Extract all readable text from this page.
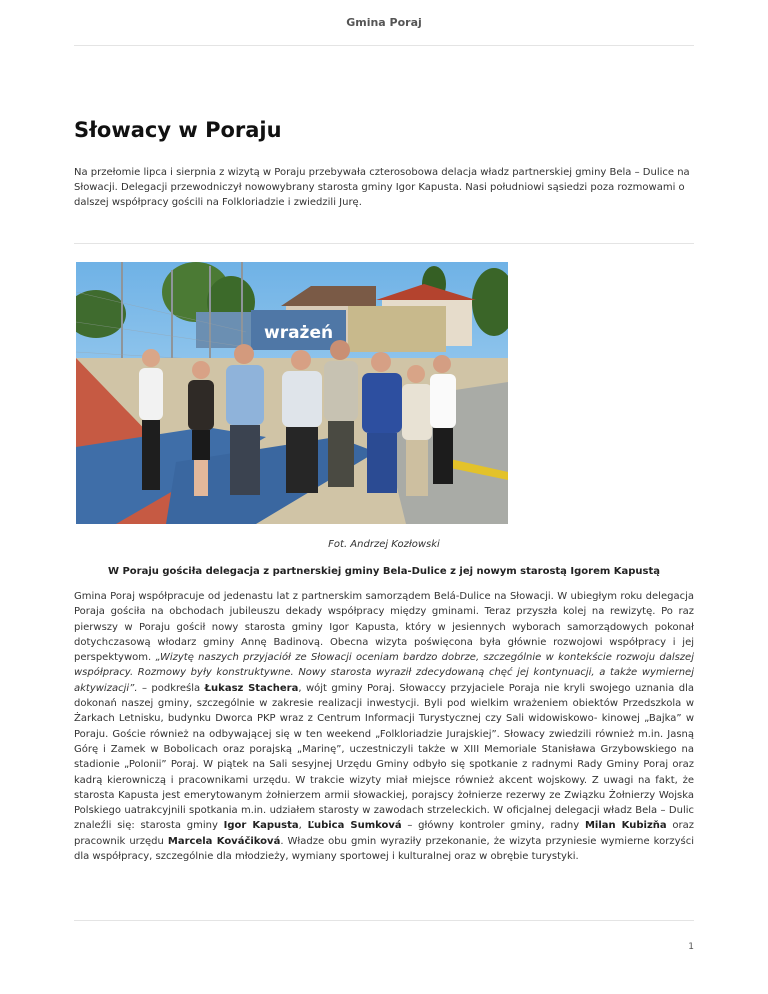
Gmina Poraj
Słowacy w Poraju

Na przełomie lipca i sierpnia z wizytą w Poraju przebywała czterosobowa delacja władz partnerskiej gminy Bela – Dulice na Słowacji. Delegacji przewodniczył nowowybrany starosta gminy Igor Kapusta. Nasi południowi sąsiedzi poza rozmowami o dalszej współpracy gościli na Folkloriadzie i zwiedzili Jurę.

wrażeń
Fot. Andrzej Kozłowski

W Poraju gościła delegacja z partnerskiej gminy Bela-Dulice z jej nowym starostą Igorem Kapustą

Gmina Poraj współpracuje od jedenastu lat z partnerskim samorządem Belá-Dulice na Słowacji. W ubiegłym roku delegacja Poraja gościła na obchodach jubileuszu dekady współpracy między gminami. Teraz przyszła kolej na rewizytę. Po raz pierwszy w Poraju gościł nowy starosta gminy Igor Kapusta, który w jesiennych wyborach samorządowych pokonał dotychczasową włodarz gminy Annę Badinovą. Obecna wizyta poświęcona była głównie rozwojowi współpracy i jej perspektywom. „Wizytę naszych przyjaciół ze Słowacji oceniam bardzo dobrze, szczególnie w kontekście rozwoju dalszej współpracy. Rozmowy były konstruktywne. Nowy starosta wyraził zdecydowaną chęć jej kontynuacji, a także wymiernej aktywizacji”. – podkreśla Łukasz Stachera, wójt gminy Poraj. Słowaccy przyjaciele Poraja nie kryli swojego uznania dla dokonań naszej gminy, szczególnie w zakresie realizacji inwestycji. Byli pod wielkim wrażeniem obiektów Przedszkola w Żarkach Letnisku, budynku Dworca PKP wraz z Centrum Informacji Turystycznej czy Sali widowiskowo- kinowej „Bajka” w Poraju. Goście również na odbywającej się w ten weekend „Folkloriadzie Jurajskiej”. Słowacy zwiedzili również m.in. Jasną Górę i Zamek w Bobolicach oraz porajską „Marinę”, uczestniczyli także w XIII Memoriale Stanisława Grzybowskiego na stadionie „Polonii” Poraj. W piątek na Sali sesyjnej Urzędu Gminy odbyło się spotkanie z radnymi Rady Gminy Poraj oraz kadrą kierowniczą i pracownikami urzędu. W trakcie wizyty miał miejsce również akcent wojskowy. Z uwagi na fakt, że starosta Kapusta jest emerytowanym żołnierzem armii słowackiej, porajscy żołnierze rezerwy ze Związku Żołnierzy Wojska Polskiego uatrakcyjnili spotkania m.in. udziałem starosty w zawodach strzeleckich. W oficjalnej delegacji władz Bela – Dulic znaleźli się: starosta gminy Igor Kapusta, Ľubica Sumková – główny kontroler gminy, radny Milan Kubizňa oraz pracownik urzędu Marcela Kováčiková. Władze obu gmin wyraziły przekonanie, że wizyta przyniesie wymierne korzyści dla współpracy, szczególnie dla młodzieży, wymiany sportowej i kulturalnej oraz w obrębie turystyki.

1
